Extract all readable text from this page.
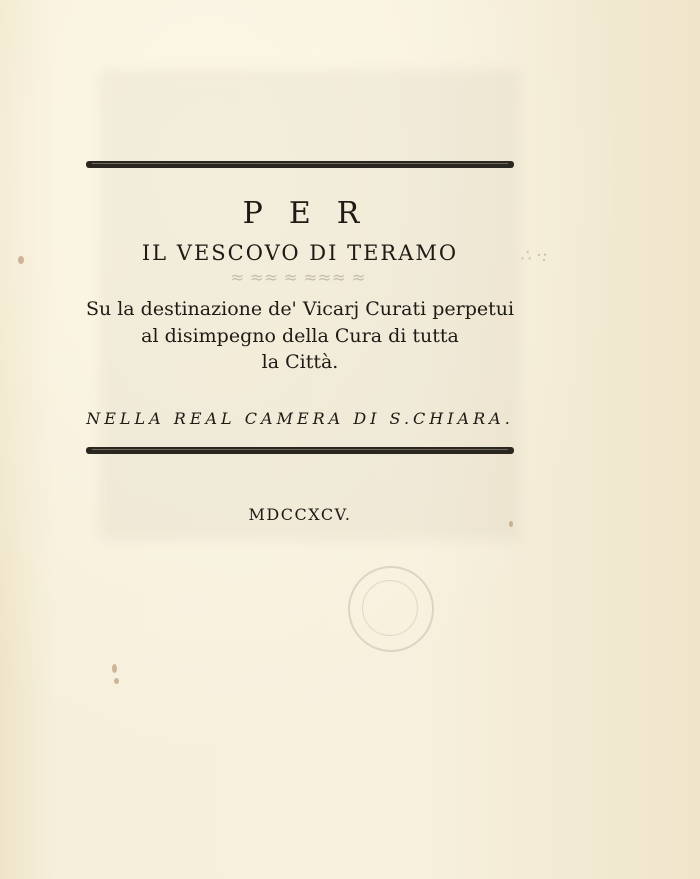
∴ ·:
≈ ≈≈ ≈ ≈≈≈ ≈
PER
IL VESCOVO DI TERAMO
Su la destinazione de' Vicarj Curati perpetui
al disimpegno della Cura di tutta
la Città.
NELLA REAL CAMERA DI S.CHIARA.
MDCCXCV.
